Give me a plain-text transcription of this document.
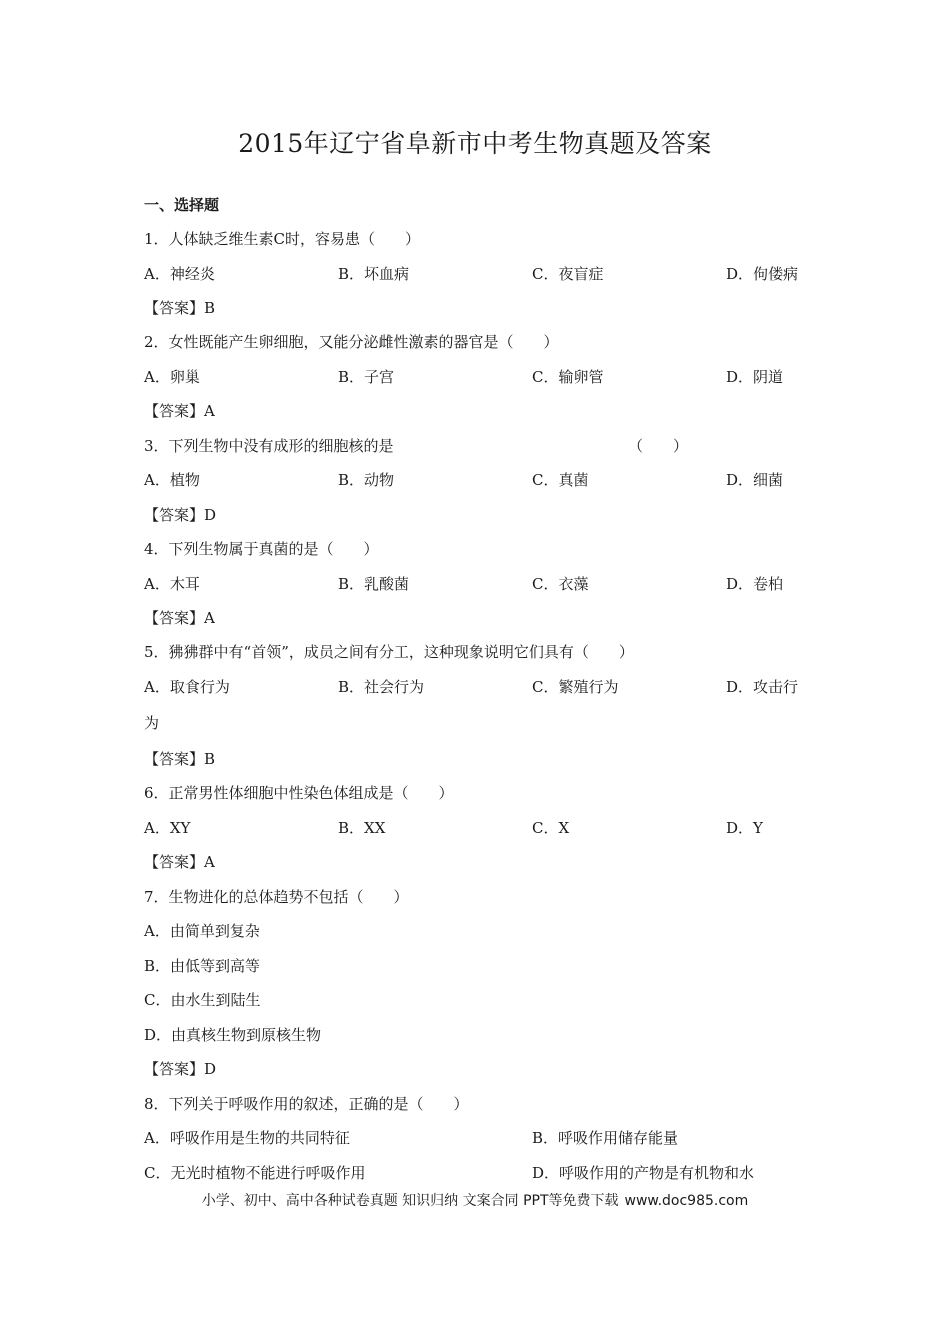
2015年辽宁省阜新市中考生物真题及答案
一、选择题
1．人体缺乏维生素C时，容易患（　　）
A．神经炎	B．坏血病	C．夜盲症	D．佝偻病
【答案】B
2．女性既能产生卵细胞，又能分泌雌性激素的器官是（　　）
A．卵巢	B．子宫	C．输卵管	D．阴道
【答案】A
3．下列生物中没有成形的细胞核的是	（　　）
A．植物	B．动物	C．真菌	D．细菌
【答案】D
4．下列生物属于真菌的是（　　）
A．木耳	B．乳酸菌	C．衣藻	D．卷柏
【答案】A
5．狒狒群中有“首领”，成员之间有分工，这种现象说明它们具有（　　）
A．取食行为	B．社会行为	C．繁殖行为	D．攻击行
为
【答案】B
6．正常男性体细胞中性染色体组成是（　　）
A．XY	B．XX	C．X	D．Y
【答案】A
7．生物进化的总体趋势不包括（　　）
A．由简单到复杂
B．由低等到高等
C．由水生到陆生
D．由真核生物到原核生物
【答案】D
8．下列关于呼吸作用的叙述，正确的是（　　）
A．呼吸作用是生物的共同特征	B．呼吸作用储存能量
C．无光时植物不能进行呼吸作用	D．呼吸作用的产物是有机物和水
小学、初中、高中各种试卷真题 知识归纳 文案合同 PPT等免费下载 www.doc985.com
